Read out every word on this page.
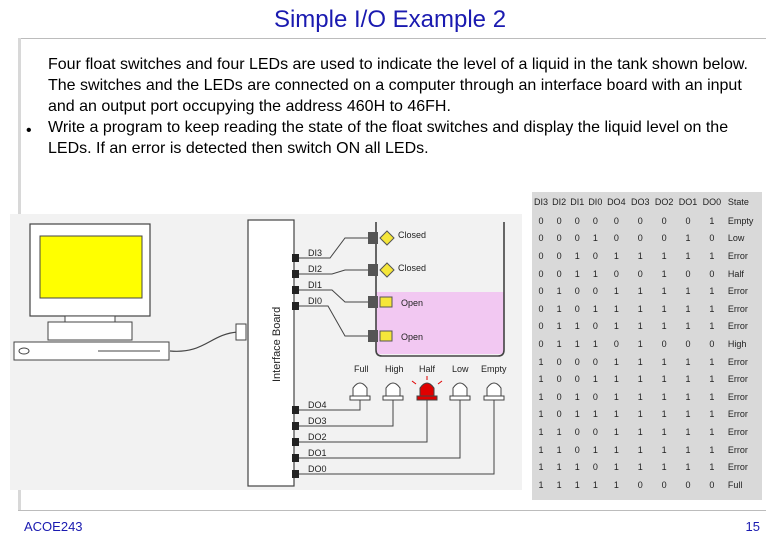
Simple I/O Example 2
•

Four float switches and four LEDs are used to indicate the level of a liquid in the tank shown below. The switches and the LEDs are connected on a computer through an interface board with an input and an output port occupying the address 460H to 46FH.

Write a program to keep reading the state of the float switches and display the liquid level on the LEDs. If an error is detected then switch ON all LEDs.

Interface Board
DI3
DI2
DI1
DI0
Closed
Closed
Open
Open
Full High Half Low Empty
DO4
DO3
DO2
DO1
DO0
DI3	DI2	DI1	DI0	DO4	DO3	DO2	DO1	DO0	State
0	0	0	0	0	0	0	0	1	Empty
0	0	0	1	0	0	0	1	0	Low
0	0	1	0	1	1	1	1	1	Error
0	0	1	1	0	0	1	0	0	Half
0	1	0	0	1	1	1	1	1	Error
0	1	0	1	1	1	1	1	1	Error
0	1	1	0	1	1	1	1	1	Error
0	1	1	1	0	1	0	0	0	High
1	0	0	0	1	1	1	1	1	Error
1	0	0	1	1	1	1	1	1	Error
1	0	1	0	1	1	1	1	1	Error
1	0	1	1	1	1	1	1	1	Error
1	1	0	0	1	1	1	1	1	Error
1	1	0	1	1	1	1	1	1	Error
1	1	1	0	1	1	1	1	1	Error
1	1	1	1	1	0	0	0	0	Full
ACOE243	15
